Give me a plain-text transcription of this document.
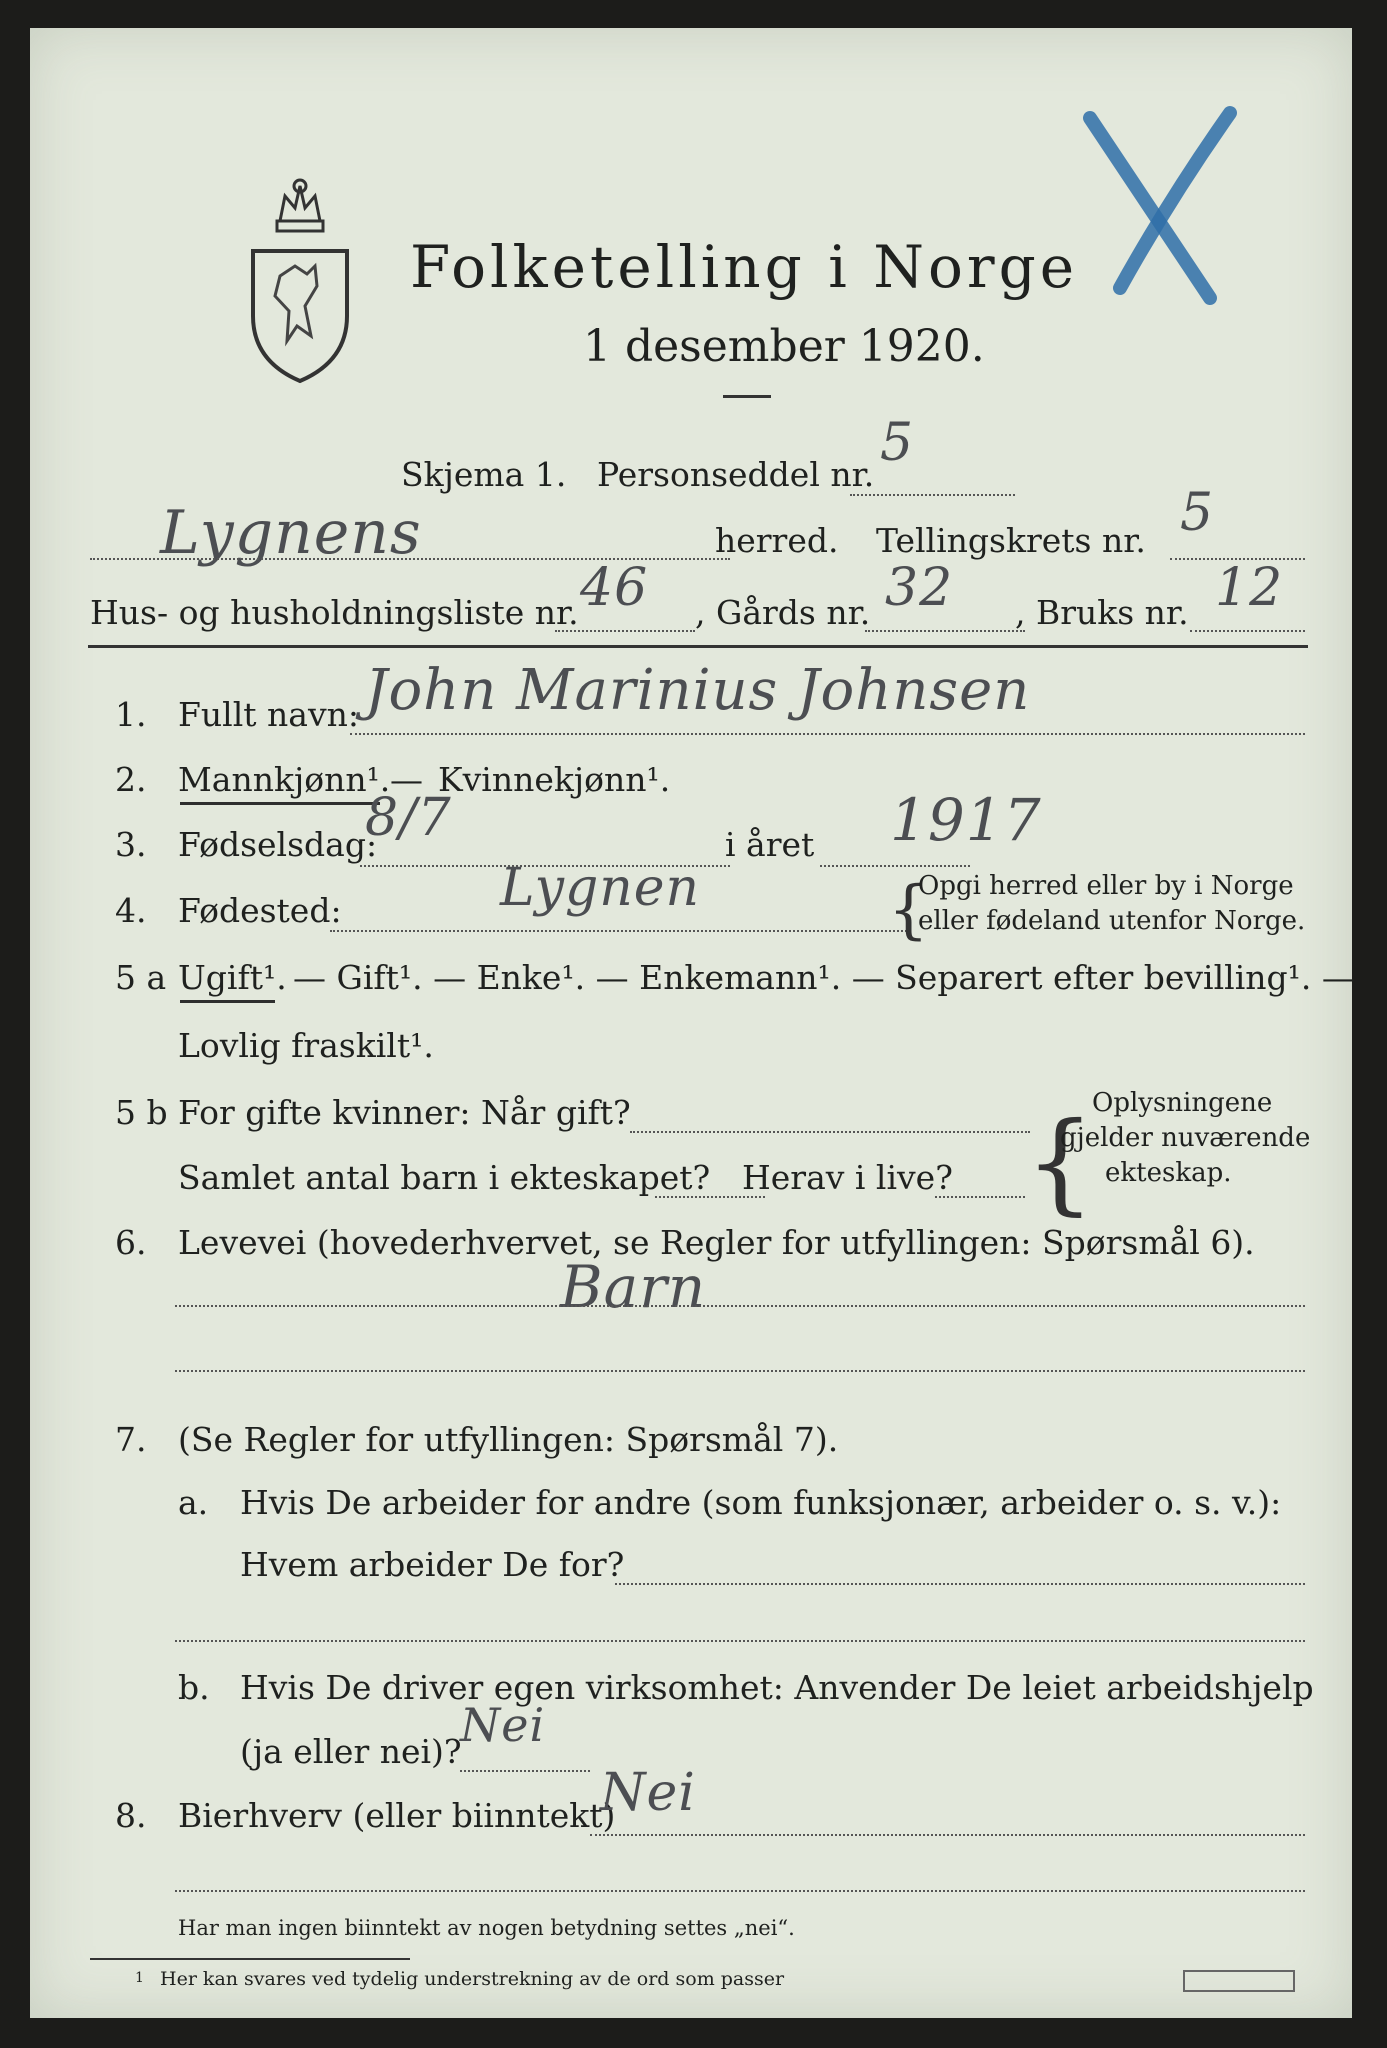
Folketelling i Norge
1 desember 1920.
Skjema 1. Personseddel nr.
5
Lygnens	herred. Tellingskrets nr. 5
Hus- og husholdningsliste nr. 46 , Gårds nr. 32 , Bruks nr. 12
1. Fullt navn: John Marinius Johnsen
2. Mannkjønn¹. — Kvinnekjønn¹.
3. Fødselsdag:
8/7	i året 1917
4. Fødested:	Lygnen	{
Opgi herred eller by i Norge
eller fødeland utenfor Norge.
5 a Ugift¹. — Gift¹. — Enke¹. — Enkemann¹. — Separert efter bevilling¹. —
Lovlig fraskilt¹.
5 b For gifte kvinner: Når gift?
Samlet antal barn i ekteskapet? Herav i live? {
Oplysningene
gjelder nuværende
ekteskap.
6. Levevei (hovederhvervet, se Regler for utfyllingen: Spørsmål 6).
Barn
7. (Se Regler for utfyllingen: Spørsmål 7).
a. Hvis De arbeider for andre (som funksjonær, arbeider o. s. v.):
Hvem arbeider De for?
b. Hvis De driver egen virksomhet: Anvender De leiet arbeidshjelp
(ja eller nei)?
Nei
8. Bierhverv (eller biinntekt)
Nei
Har man ingen biinntekt av nogen betydning settes „nei“.
1 Her kan svares ved tydelig understrekning av de ord som passer
